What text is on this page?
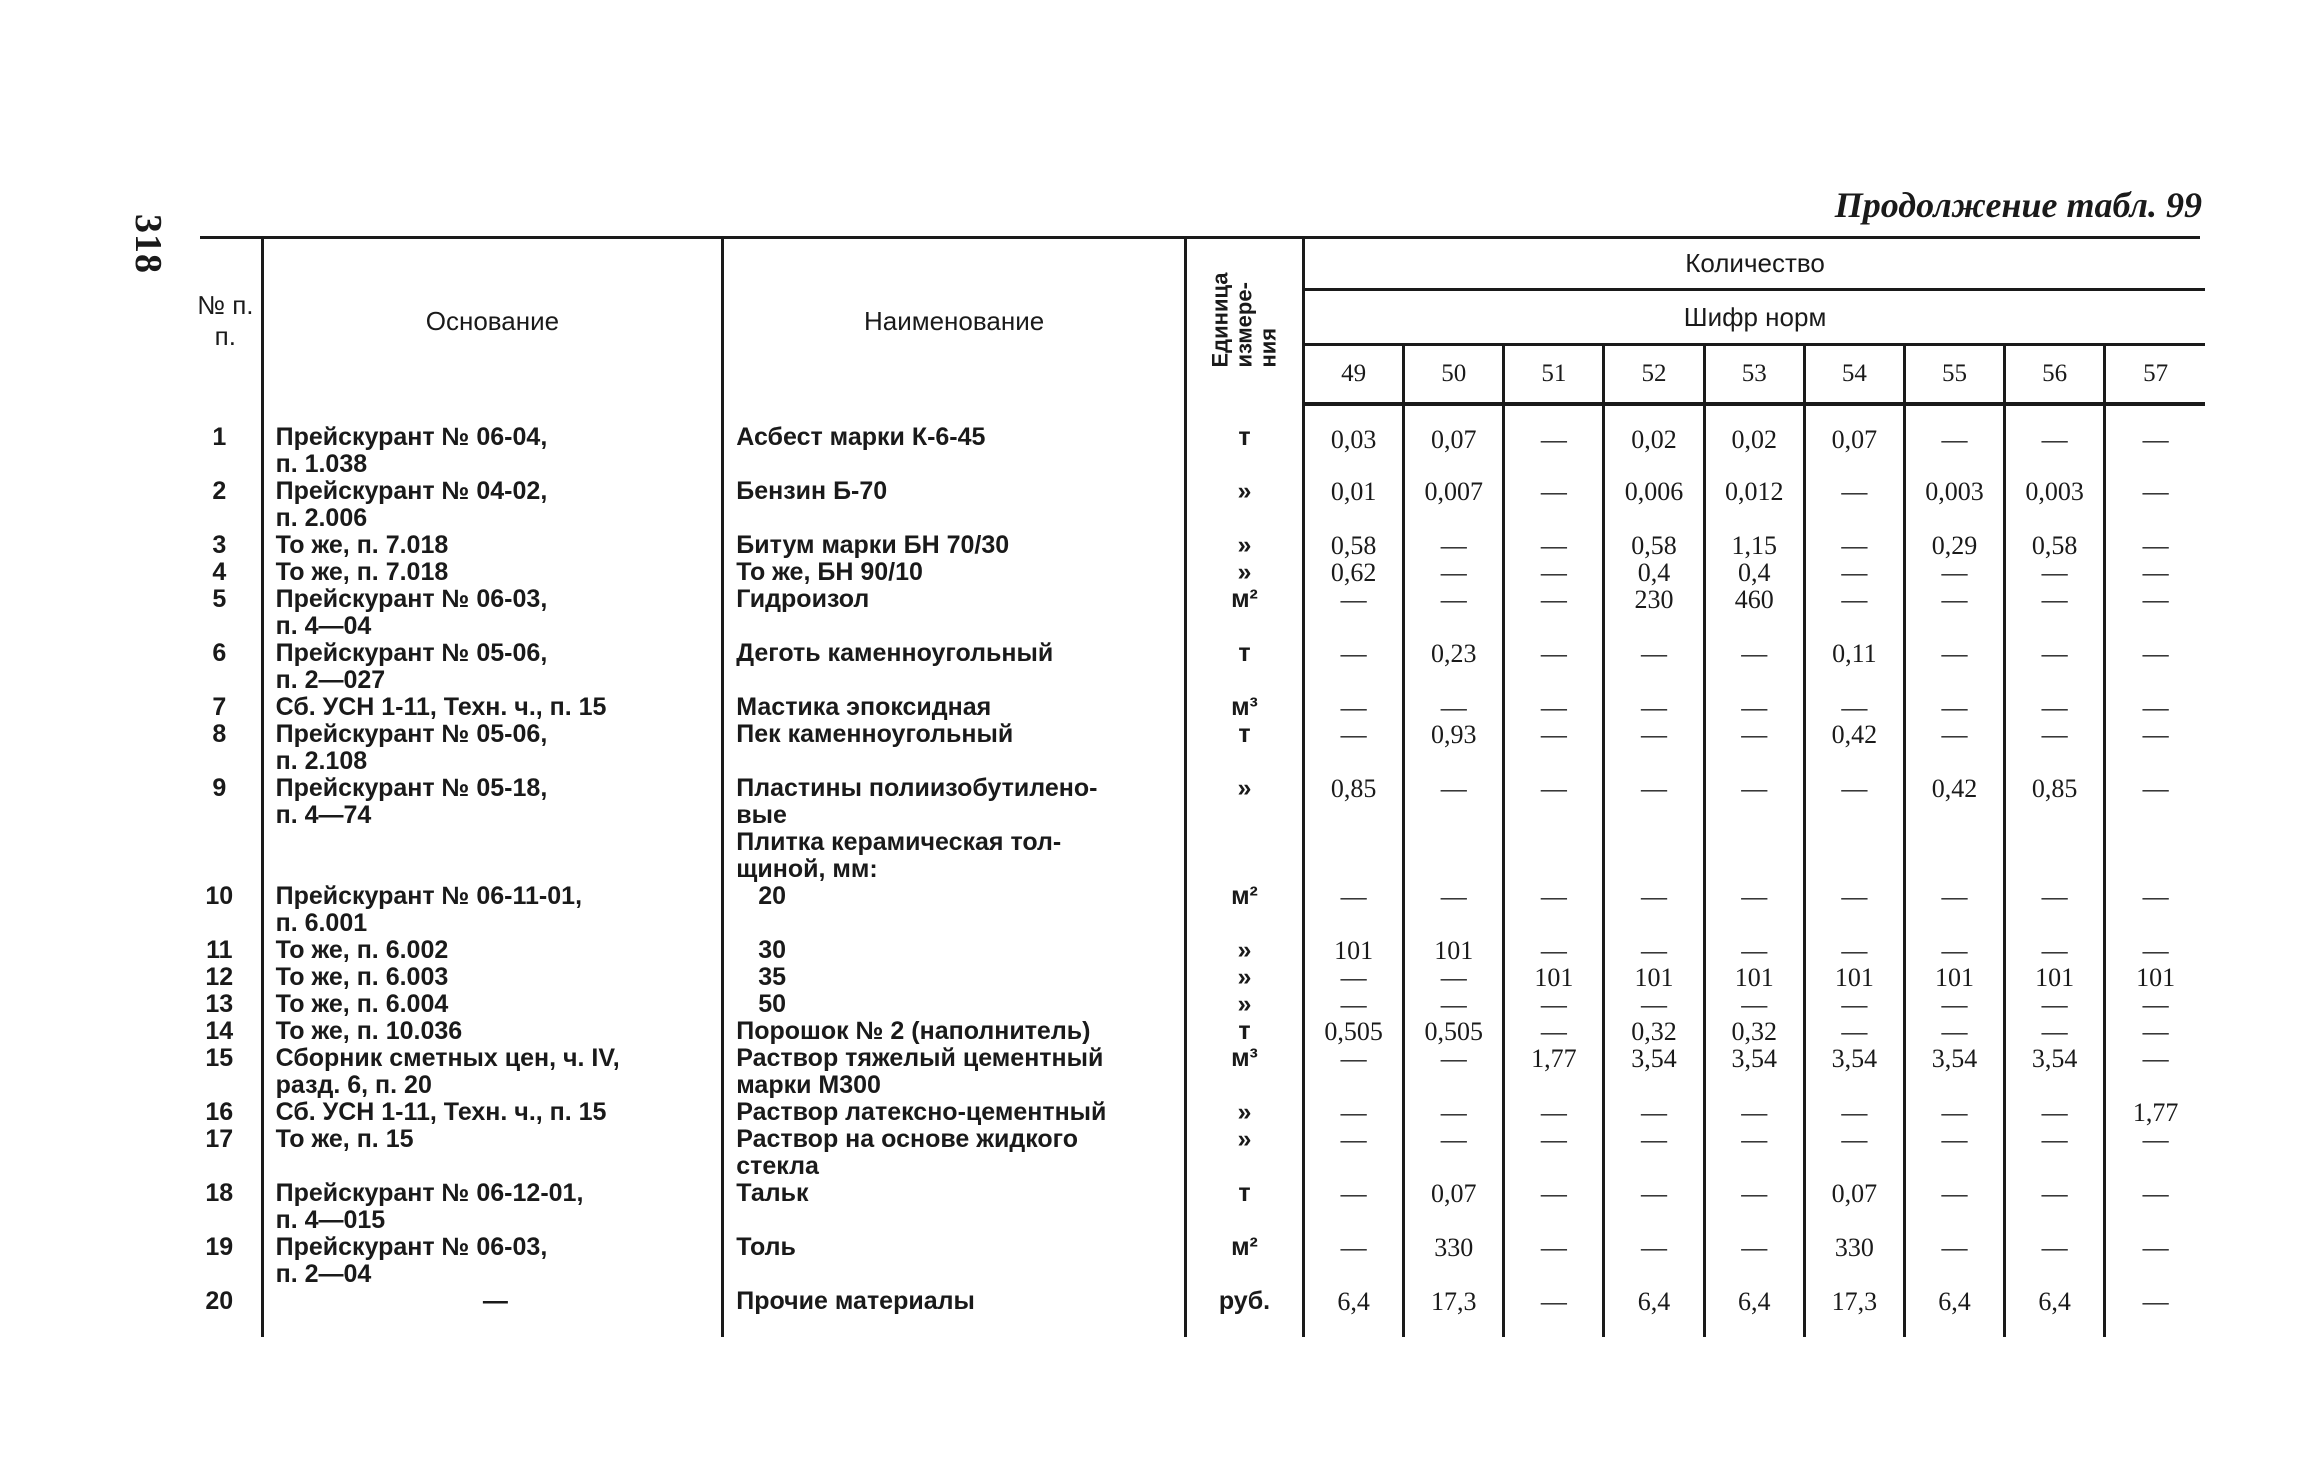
318
Продолжение табл. 99
№ п. п.	Основание	Наименование	Единица
измере-
ния	Количество								
				Шифр норм								
				49	50	51	52	53	54	55	56	57
1	Прейскурант № 06-04,
п. 1.038	Асбест марки К-6-45	т	0,03	0,07	—	0,02	0,02	0,07	—	—	—
2	Прейскурант № 04-02,
п. 2.006	Бензин Б-70	»	0,01	0,007	—	0,006	0,012	—	0,003	0,003	—
3	То же, п. 7.018	Битум марки БН 70/30	»	0,58	—	—	0,58	1,15	—	0,29	0,58	—
4	То же, п. 7.018	То же, БН 90/10	»	0,62	—	—	0,4	0,4	—	—	—	—
5	Прейскурант № 06-03,
п. 4—04	Гидроизол	м²	—	—	—	230	460	—	—	—	—
6	Прейскурант № 05-06,
п. 2—027	Деготь каменноугольный	т	—	0,23	—	—	—	0,11	—	—	—
7	Сб. УСН 1-11, Техн. ч., п. 15	Мастика эпоксидная	м³	—	—	—	—	—	—	—	—	—
8	Прейскурант № 05-06,
п. 2.108	Пек каменноугольный	т	—	0,93	—	—	—	0,42	—	—	—
9	Прейскурант № 05-18,
п. 4—74	Пластины полиизобутилено-
вые	»	0,85	—	—	—	—	—	0,42	0,85	—

		Плитка керамическая тол-
щиной, мм:										

10	Прейскурант № 06-11-01,
п. 6.001	20	м²	—	—	—	—	—	—	—	—	—
11	То же, п. 6.002	30	»	101	101	—	—	—	—	—	—	—
12	То же, п. 6.003	35	»	—	—	101	101	101	101	101	101	101
13	То же, п. 6.004	50	»	—	—	—	—	—	—	—	—	—
14	То же, п. 10.036	Порошок № 2 (наполнитель)	т	0,505	0,505	—	0,32	0,32	—	—	—	—
15	Сборник сметных цен, ч. IV,
разд. 6, п. 20	Раствор тяжелый цементный
марки М300	м³	—	—	1,77	3,54	3,54	3,54	3,54	3,54	—
16	Сб. УСН 1-11, Техн. ч., п. 15	Раствор латексно-цементный	»	—	—	—	—	—	—	—	—	1,77
17	То же, п. 15	Раствор на основе жидкого
стекла	»	—	—	—	—	—	—	—	—	—
18	Прейскурант № 06-12-01,
п. 4—015	Тальк	т	—	0,07	—	—	—	0,07	—	—	—
19	Прейскурант № 06-03,
п. 2—04	Толь	м²	—	330	—	—	—	330	—	—	—
20	—	Прочие материалы	руб.	6,4	17,3	—	6,4	6,4	17,3	6,4	6,4	—
